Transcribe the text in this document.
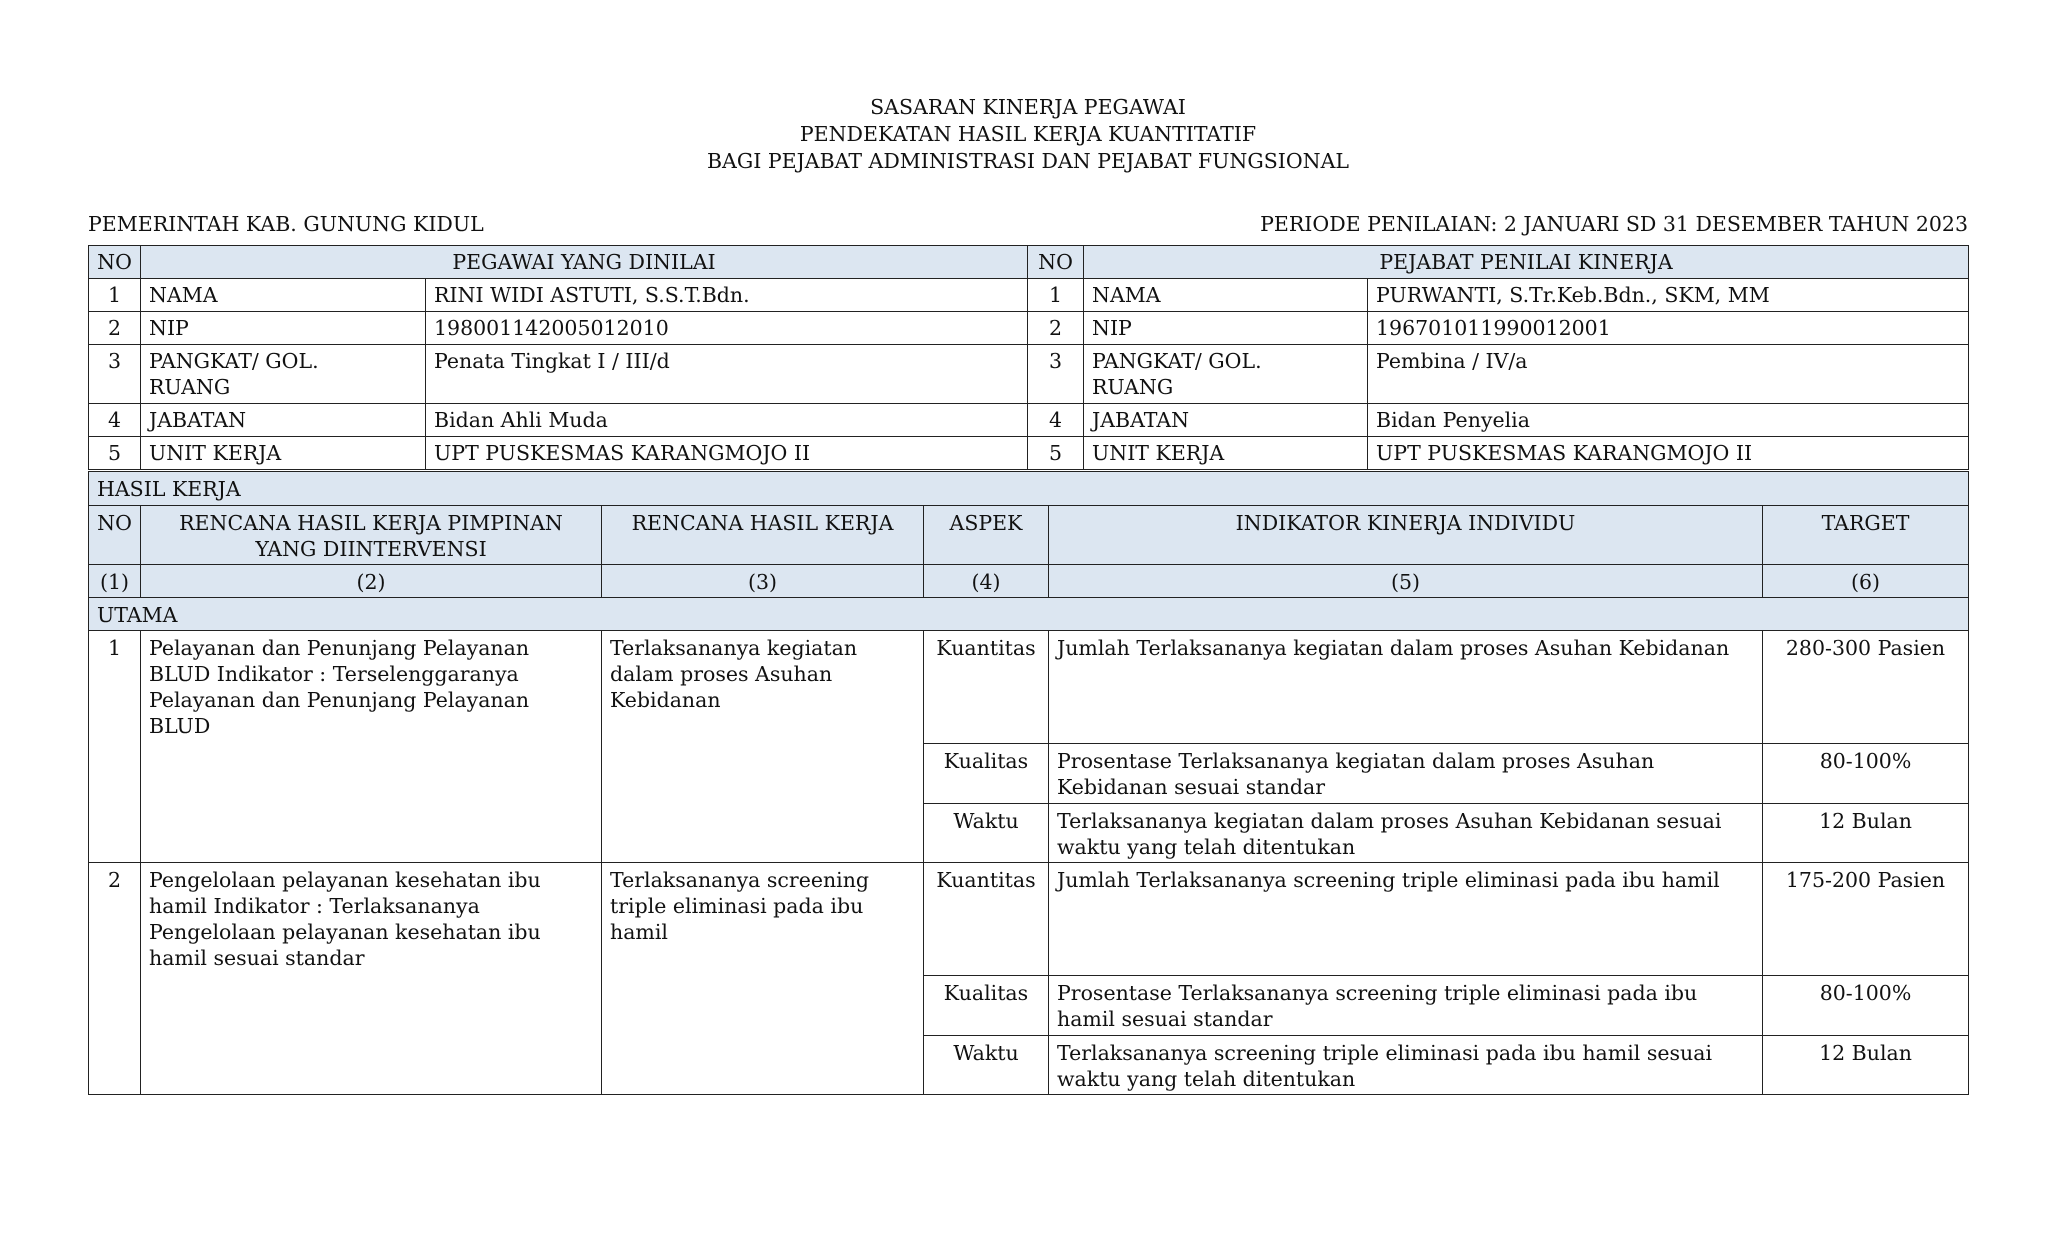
SASARAN KINERJA PEGAWAI
PENDEKATAN HASIL KERJA KUANTITATIF
BAGI PEJABAT ADMINISTRASI DAN PEJABAT FUNGSIONAL
PEMERINTAH KAB. GUNUNG KIDUL	PERIODE PENILAIAN: 2 JANUARI SD 31 DESEMBER TAHUN 2023
NO	PEGAWAI YANG DINILAI		NO	PEJABAT PENILAI KINERJA	
1	NAMA	RINI WIDI ASTUTI, S.S.T.Bdn.	1	NAMA	PURWANTI, S.Tr.Keb.Bdn., SKM, MM
2	NIP	198001142005012010	2	NIP	196701011990012001
3	PANGKAT/ GOL. RUANG	Penata Tingkat I / III/d	3	PANGKAT/ GOL. RUANG	Pembina / IV/a
4	JABATAN	Bidan Ahli Muda	4	JABATAN	Bidan Penyelia
5	UNIT KERJA	UPT PUSKESMAS KARANGMOJO II	5	UNIT KERJA	UPT PUSKESMAS KARANGMOJO II
HASIL KERJA					
NO	RENCANA HASIL KERJA PIMPINAN YANG DIINTERVENSI	RENCANA HASIL KERJA	ASPEK	INDIKATOR KINERJA INDIVIDU	TARGET
(1)	(2)	(3)	(4)	(5)	(6)
UTAMA					
1	Pelayanan dan Penunjang Pelayanan BLUD Indikator : Terselenggaranya Pelayanan dan Penunjang Pelayanan BLUD	Terlaksananya kegiatan dalam proses Asuhan Kebidanan	Kuantitas	Jumlah Terlaksananya kegiatan dalam proses Asuhan Kebidanan	280-300 Pasien
			Kualitas	Prosentase Terlaksananya kegiatan dalam proses Asuhan Kebidanan sesuai standar	80-100%
			Waktu	Terlaksananya kegiatan dalam proses Asuhan Kebidanan sesuai waktu yang telah ditentukan	12 Bulan
2	Pengelolaan pelayanan kesehatan ibu hamil Indikator : Terlaksananya Pengelolaan pelayanan kesehatan ibu hamil sesuai standar	Terlaksananya screening triple eliminasi pada ibu hamil	Kuantitas	Jumlah Terlaksananya screening triple eliminasi pada ibu hamil	175-200 Pasien
			Kualitas	Prosentase Terlaksananya screening triple eliminasi pada ibu hamil sesuai standar	80-100%
			Waktu	Terlaksananya screening triple eliminasi pada ibu hamil sesuai waktu yang telah ditentukan	12 Bulan
